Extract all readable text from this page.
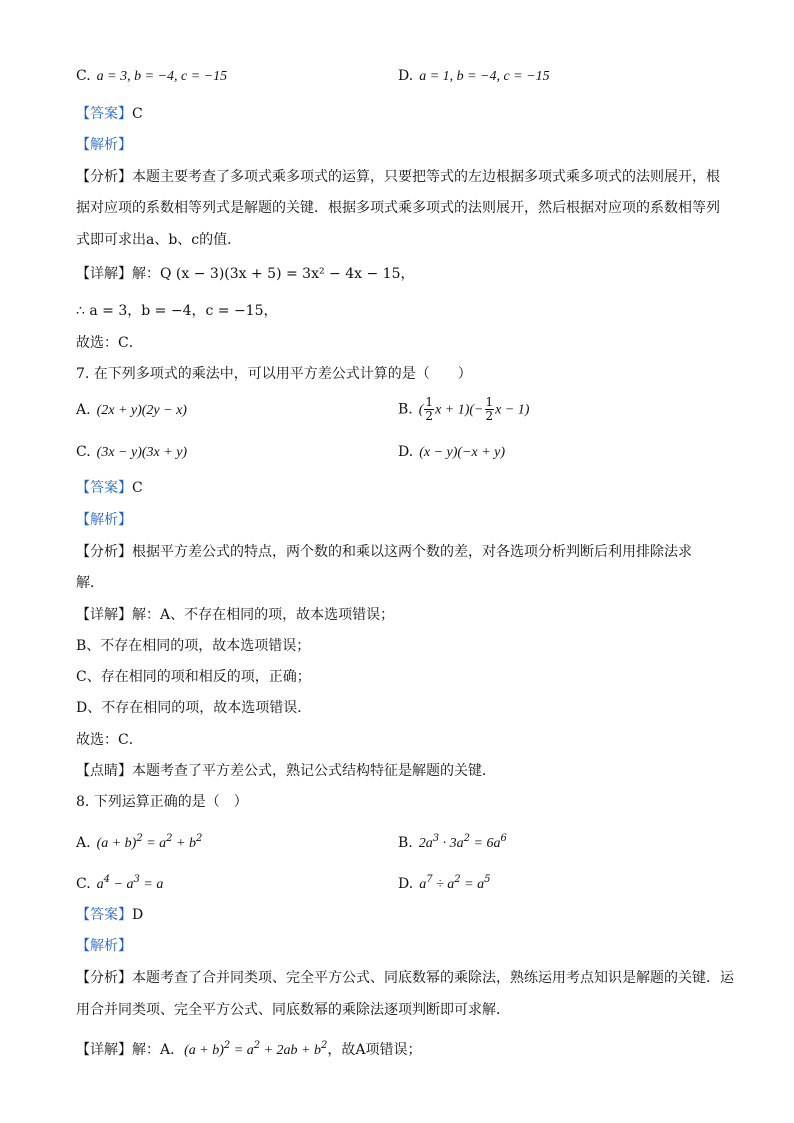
C. a = 3, b = −4, c = −15	D. a = 1, b = −4, c = −15
【答案】C
【解析】
【分析】本题主要考查了多项式乘多项式的运算，只要把等式的左边根据多项式乘多项式的法则展开，根
据对应项的系数相等列式是解题的关键．根据多项式乘多项式的法则展开，然后根据对应项的系数相等列
式即可求出a、b、c的值．
【详解】解：Q (x − 3)(3x + 5) = 3x² − 4x − 15，
∴ a = 3，b = −4，c = −15，
故选：C．
7. 在下列多项式的乘法中，可以用平方差公式计算的是（　　）
A. (2x + y)(2y − x)	B. ( $\frac{1}{2}$ $x + 1)(- \frac{1}{2}$ x − 1)
C. (3x − y)(3x + y)	D. (x − y)(−x + y)
【答案】C
【解析】
【分析】根据平方差公式的特点，两个数的和乘以这两个数的差，对各选项分析判断后利用排除法求
解．
【详解】解：A、不存在相同的项，故本选项错误；
B、不存在相同的项，故本选项错误；
C、存在相同的项和相反的项，正确；
D、不存在相同的项，故本选项错误．
故选：C．
【点睛】本题考查了平方差公式，熟记公式结构特征是解题的关键．
8. 下列运算正确的是（　）
A. $(a + b)^2 = a^2 + b^2$	B. $2a^3 \cdot 3a^2 = 6a^6$
C. $a^4 - a^3 = a$	D. $a^7 \div a^2 = a^5$
【答案】D
【解析】
【分析】本题考查了合并同类项、完全平方公式、同底数幂的乘除法，熟练运用考点知识是解题的关键．运
用合并同类项、完全平方公式、同底数幂的乘除法逐项判断即可求解．
【详解】解：A．$(a + b)^2 = a^2 + 2ab + b^2$，故A项错误；
